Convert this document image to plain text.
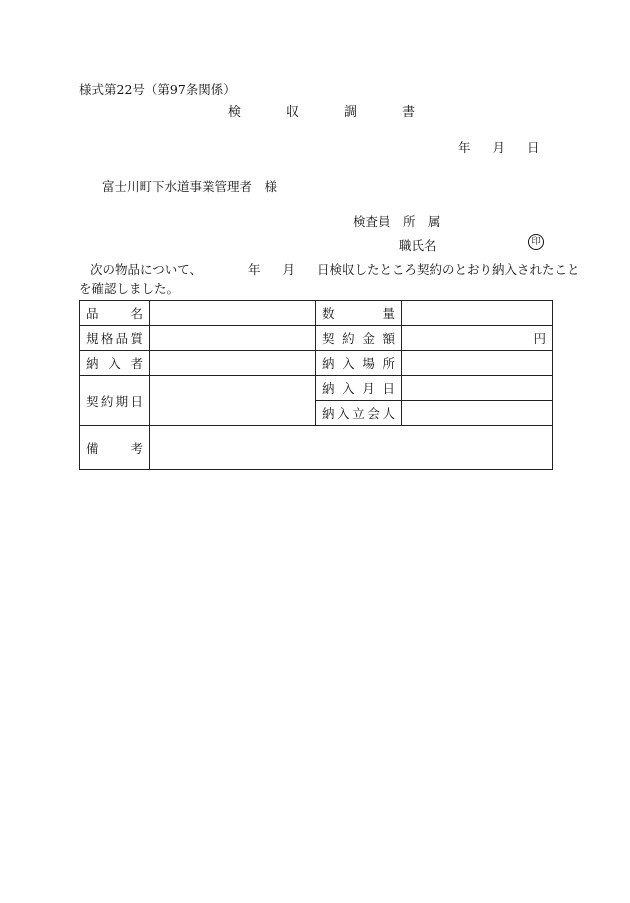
様式第22号（第97条関係）
検	収	調	書
年 月 日
富士川町下水道事業管理者　様
検査員　所　属
職氏名	印
次の物品について、	年 月 日検収したところ契約のとおり納入されたこと
を確認しました。
品 名		数 量	

規 格 品 質		契 約 金 額	円

納 入 者		納 入 場 所	

契 約 期 日		納 入 月 日	

		納 入 立 会 人	

備 考			
